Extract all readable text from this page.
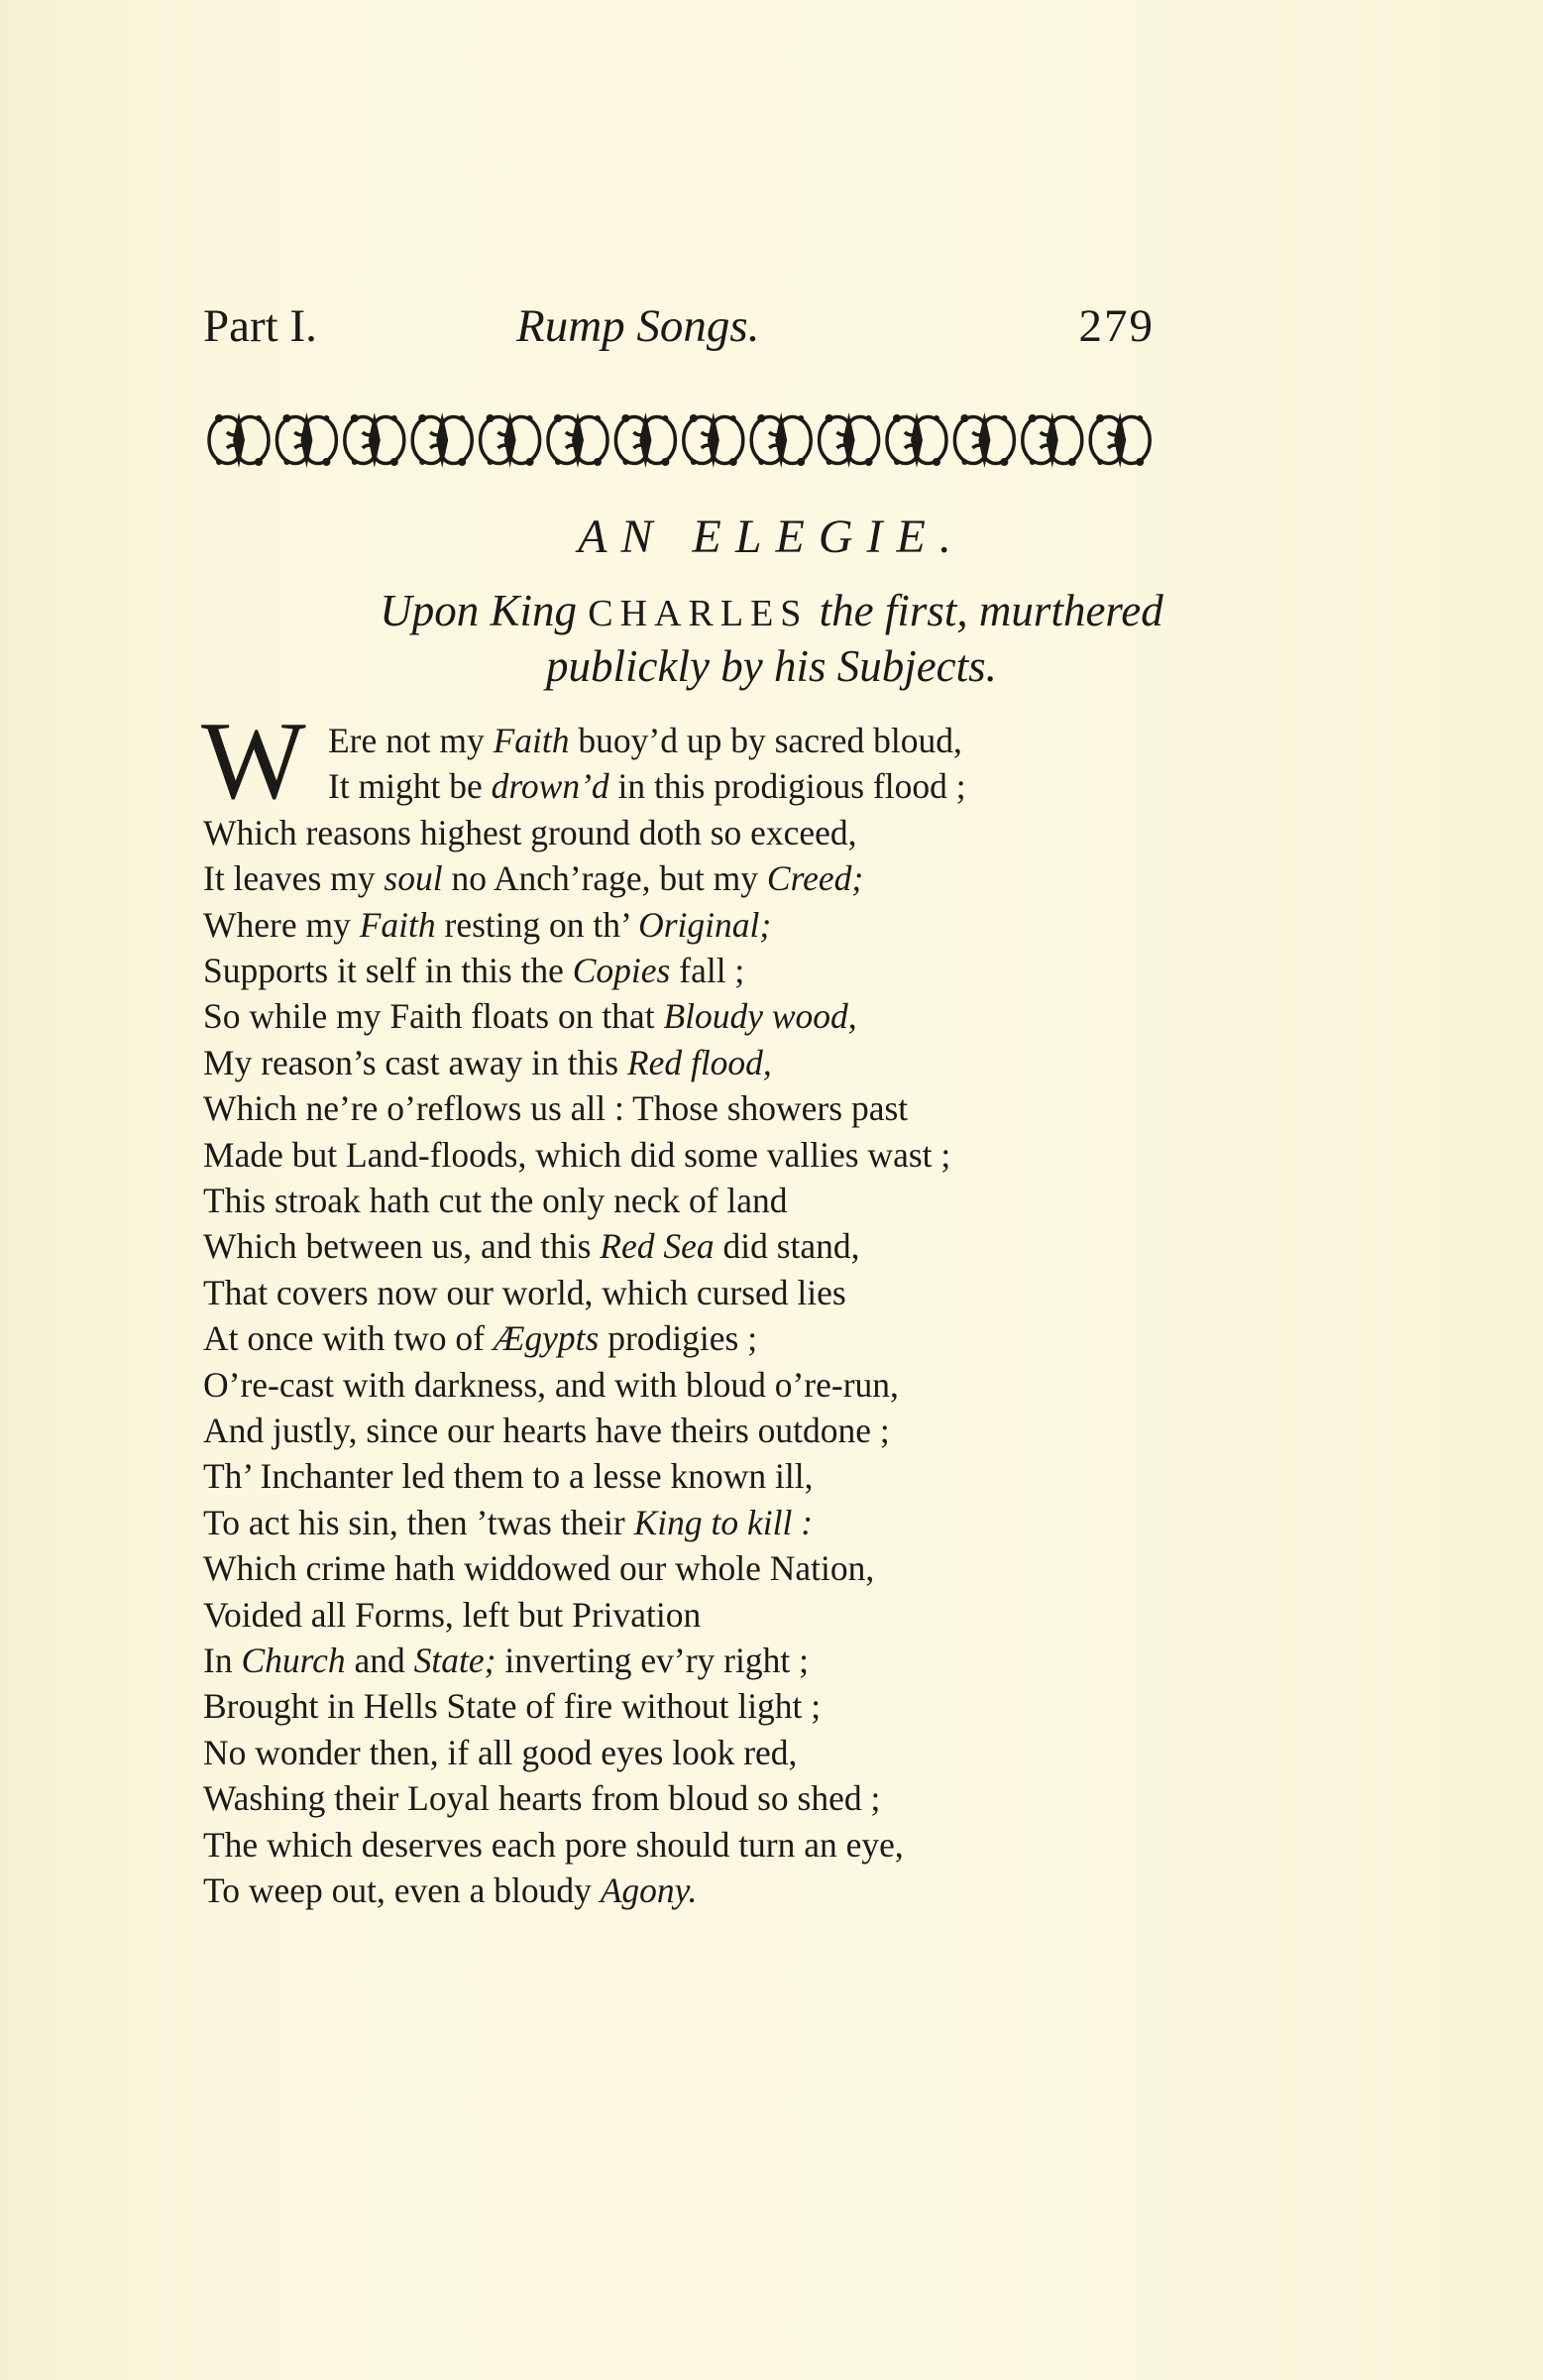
Part I.	Rump Songs.	279
AN ELEGIE.
Upon King CHARLES the first, murthered
publickly by his Subjects.
W Ere not my Faith buoy’d up by sacred bloud,
It might be drown’d in this prodigious flood ;
Which reasons highest ground doth so exceed,
It leaves my soul no Anch’rage, but my Creed;
Where my Faith resting on th’ Original;
Supports it self in this the Copies fall ;
So while my Faith floats on that Bloudy wood,
My reason’s cast away in this Red flood,
Which ne’re o’reflows us all : Those showers past
Made but Land-floods, which did some vallies wast ;
This stroak hath cut the only neck of land
Which between us, and this Red Sea did stand,
That covers now our world, which cursed lies
At once with two of Ægypts prodigies ;
O’re-cast with darkness, and with bloud o’re-run,
And justly, since our hearts have theirs outdone ;
Th’ Inchanter led them to a lesse known ill,
To act his sin, then ’twas their King to kill :
Which crime hath widdowed our whole Nation,
Voided all Forms, left but Privation
In Church and State; inverting ev’ry right ;
Brought in Hells State of fire without light ;
No wonder then, if all good eyes look red,
Washing their Loyal hearts from bloud so shed ;
The which deserves each pore should turn an eye,
To weep out, even a bloudy Agony.
